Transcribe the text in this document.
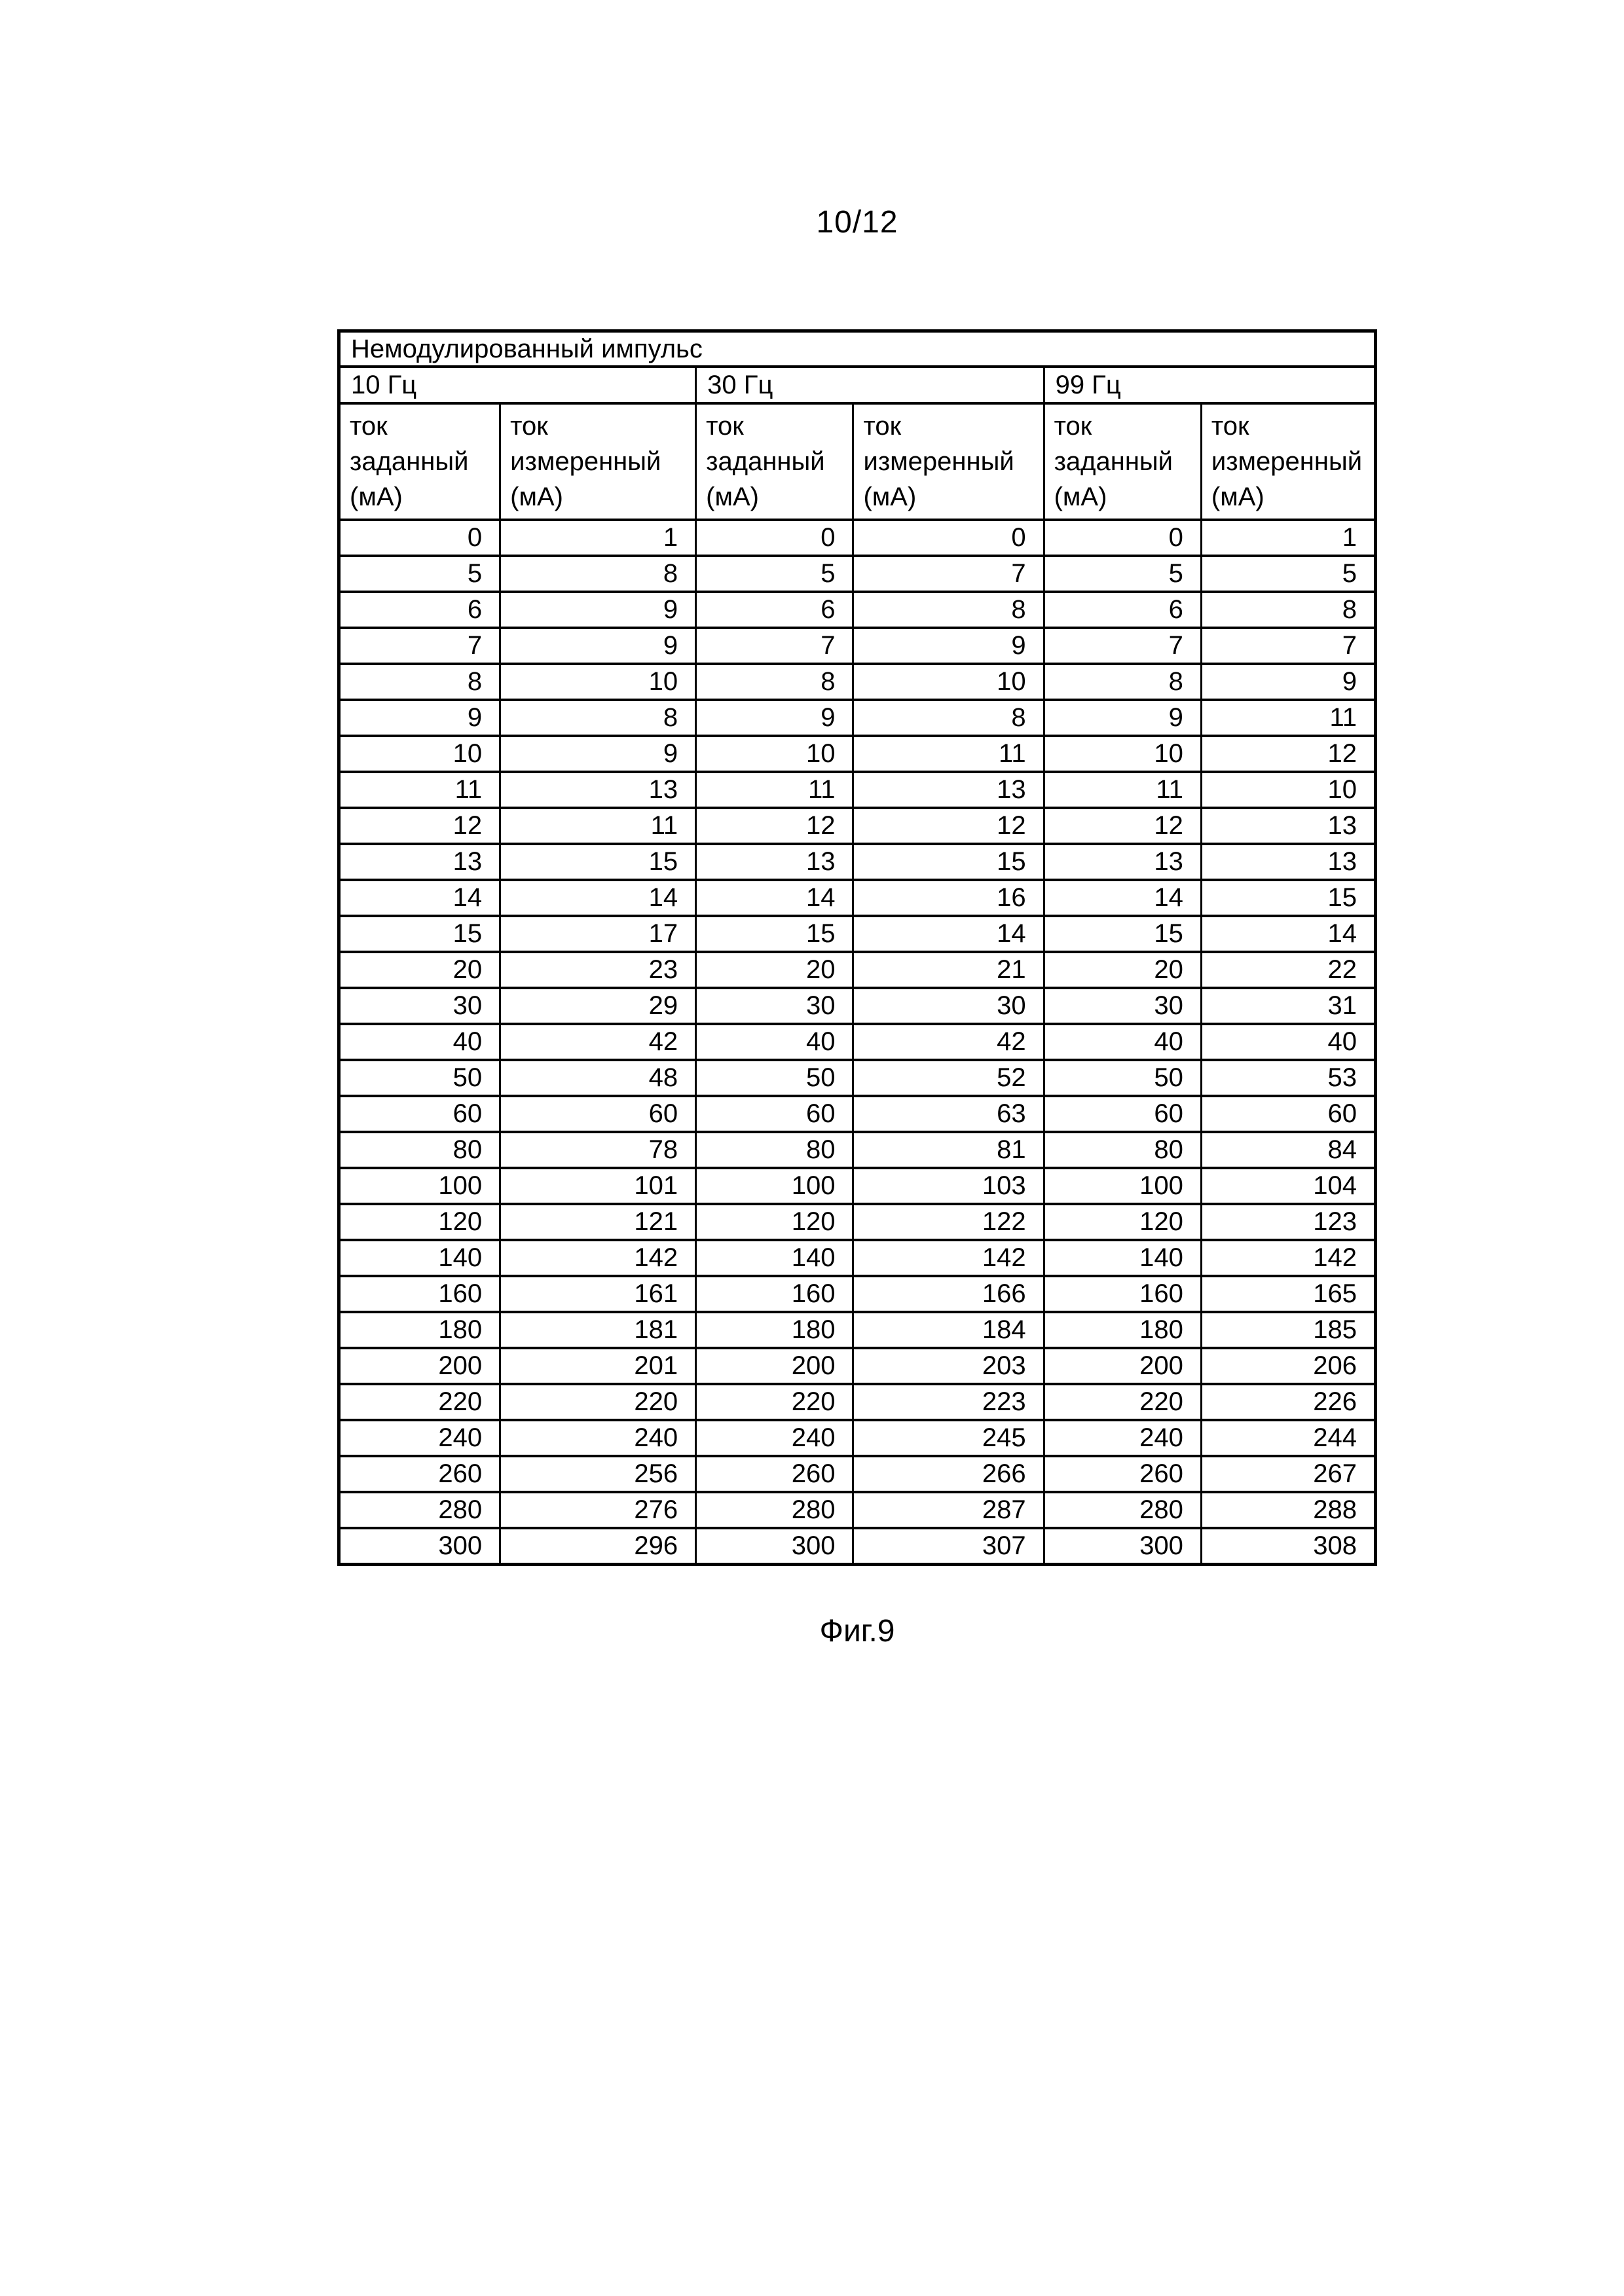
10/12
Немодулированный импульс					
10 Гц		30 Гц		99 Гц	
ток
заданный
(мА)	ток
измеренный
(мА)	ток
заданный
(мА)	ток
измеренный
(мА)	ток
заданный
(мА)	ток
измеренный
(мА)
0	1	0	0	0	1
5	8	5	7	5	5
6	9	6	8	6	8
7	9	7	9	7	7
8	10	8	10	8	9
9	8	9	8	9	11
10	9	10	11	10	12
11	13	11	13	11	10
12	11	12	12	12	13
13	15	13	15	13	13
14	14	14	16	14	15
15	17	15	14	15	14
20	23	20	21	20	22
30	29	30	30	30	31
40	42	40	42	40	40
50	48	50	52	50	53
60	60	60	63	60	60
80	78	80	81	80	84
100	101	100	103	100	104
120	121	120	122	120	123
140	142	140	142	140	142
160	161	160	166	160	165
180	181	180	184	180	185
200	201	200	203	200	206
220	220	220	223	220	226
240	240	240	245	240	244
260	256	260	266	260	267
280	276	280	287	280	288
300	296	300	307	300	308
Фиг.9
